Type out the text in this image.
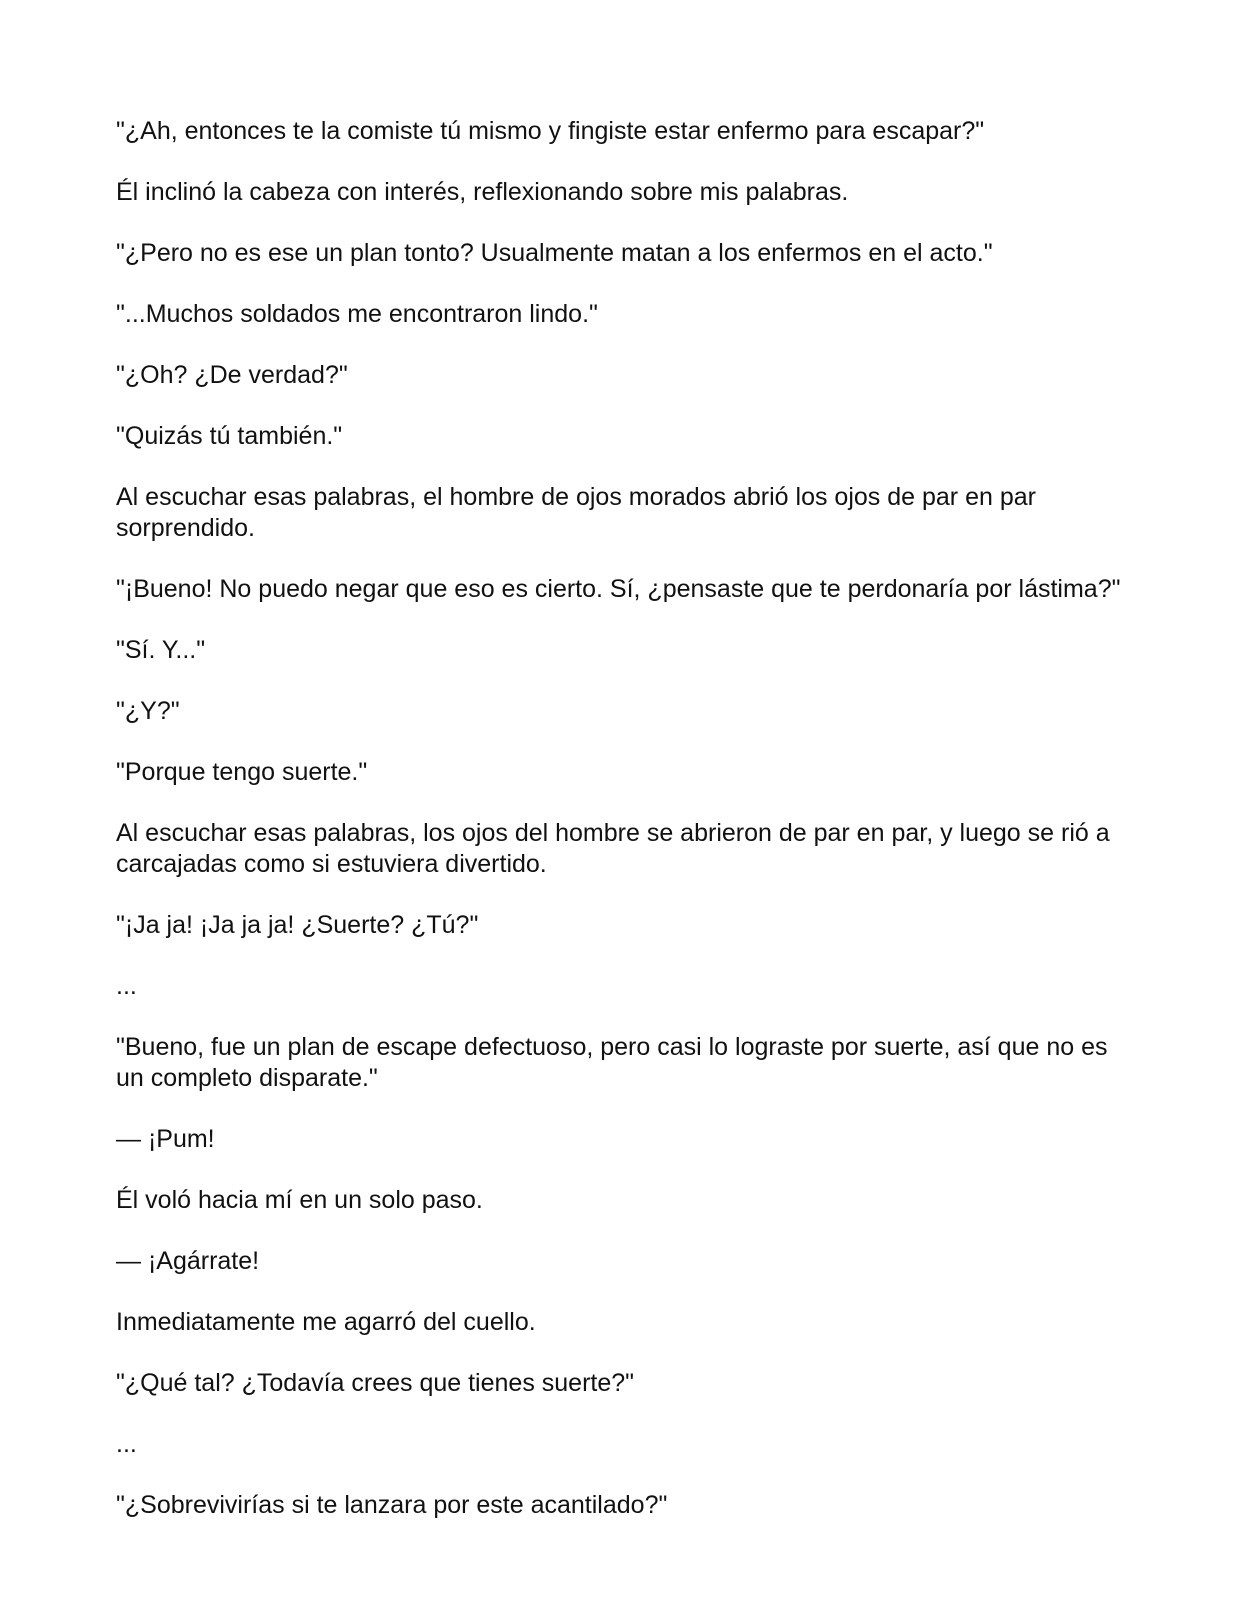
"¿Ah, entonces te la comiste tú mismo y fingiste estar enfermo para escapar?"

Él inclinó la cabeza con interés, reflexionando sobre mis palabras.

"¿Pero no es ese un plan tonto? Usualmente matan a los enfermos en el acto."

"...Muchos soldados me encontraron lindo."

"¿Oh? ¿De verdad?"

"Quizás tú también."

Al escuchar esas palabras, el hombre de ojos morados abrió los ojos de par en par sorprendido.

"¡Bueno! No puedo negar que eso es cierto. Sí, ¿pensaste que te perdonaría por lástima?"

"Sí. Y..."

"¿Y?"

"Porque tengo suerte."

Al escuchar esas palabras, los ojos del hombre se abrieron de par en par, y luego se rió a carcajadas como si estuviera divertido.

"¡Ja ja! ¡Ja ja ja! ¿Suerte? ¿Tú?"

...

"Bueno, fue un plan de escape defectuoso, pero casi lo lograste por suerte, así que no es un completo disparate."

— ¡Pum!

Él voló hacia mí en un solo paso.

— ¡Agárrate!

Inmediatamente me agarró del cuello.

"¿Qué tal? ¿Todavía crees que tienes suerte?"

...

"¿Sobrevivirías si te lanzara por este acantilado?"
